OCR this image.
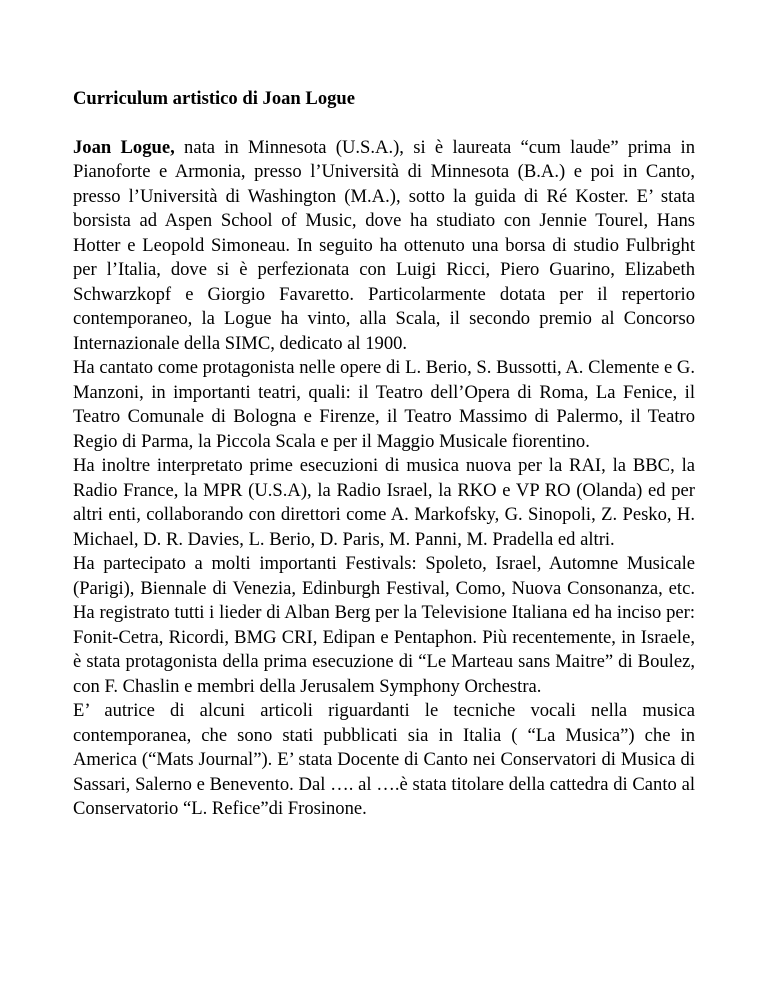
Curriculum artistico di Joan Logue

Joan Logue, nata in Minnesota (U.S.A.), si è laureata “cum laude” prima in Pianoforte e Armonia, presso l’Università di Minnesota (B.A.) e poi in Canto, presso l’Università di Washington (M.A.), sotto la guida di Ré Koster. E’ stata borsista ad Aspen School of Music, dove ha studiato con Jennie Tourel, Hans Hotter e Leopold Simoneau. In seguito ha ottenuto una borsa di studio Fulbright per l’Italia, dove si è perfezionata con Luigi Ricci, Piero Guarino, Elizabeth Schwarzkopf e Giorgio Favaretto. Particolarmente dotata per il repertorio contemporaneo, la Logue ha vinto, alla Scala, il secondo premio al Concorso Internazionale della SIMC, dedicato al 1900.

Ha cantato come protagonista nelle opere di L. Berio, S. Bussotti, A. Clemente e G. Manzoni, in importanti teatri, quali: il Teatro dell’Opera di Roma, La Fenice, il Teatro Comunale di Bologna e Firenze, il Teatro Massimo di Palermo, il Teatro Regio di Parma, la Piccola Scala e per il Maggio Musicale fiorentino.

Ha inoltre interpretato prime esecuzioni di musica nuova per la RAI, la BBC, la Radio France, la MPR (U.S.A), la Radio Israel, la RKO e VP RO (Olanda) ed per altri enti, collaborando con direttori come A. Markofsky, G. Sinopoli, Z. Pesko, H. Michael, D. R. Davies, L. Berio, D. Paris, M. Panni, M. Pradella ed altri.

Ha partecipato a molti importanti Festivals: Spoleto, Israel, Automne Musicale (Parigi), Biennale di Venezia, Edinburgh Festival, Como, Nuova Consonanza, etc. Ha registrato tutti i lieder di Alban Berg per la Televisione Italiana ed ha inciso per: Fonit-Cetra, Ricordi, BMG CRI, Edipan e Pentaphon. Più recentemente, in Israele, è stata protagonista della prima esecuzione di “Le Marteau sans Maitre” di Boulez, con F. Chaslin e membri della Jerusalem Symphony Orchestra.

E’ autrice di alcuni articoli riguardanti le tecniche vocali nella musica contemporanea, che sono stati pubblicati sia in Italia ( “La Musica”) che in America (“Mats Journal”). E’ stata Docente di Canto nei Conservatori di Musica di Sassari, Salerno e Benevento. Dal …. al ….è stata titolare della cattedra di Canto al Conservatorio “L. Refice”di Frosinone.
